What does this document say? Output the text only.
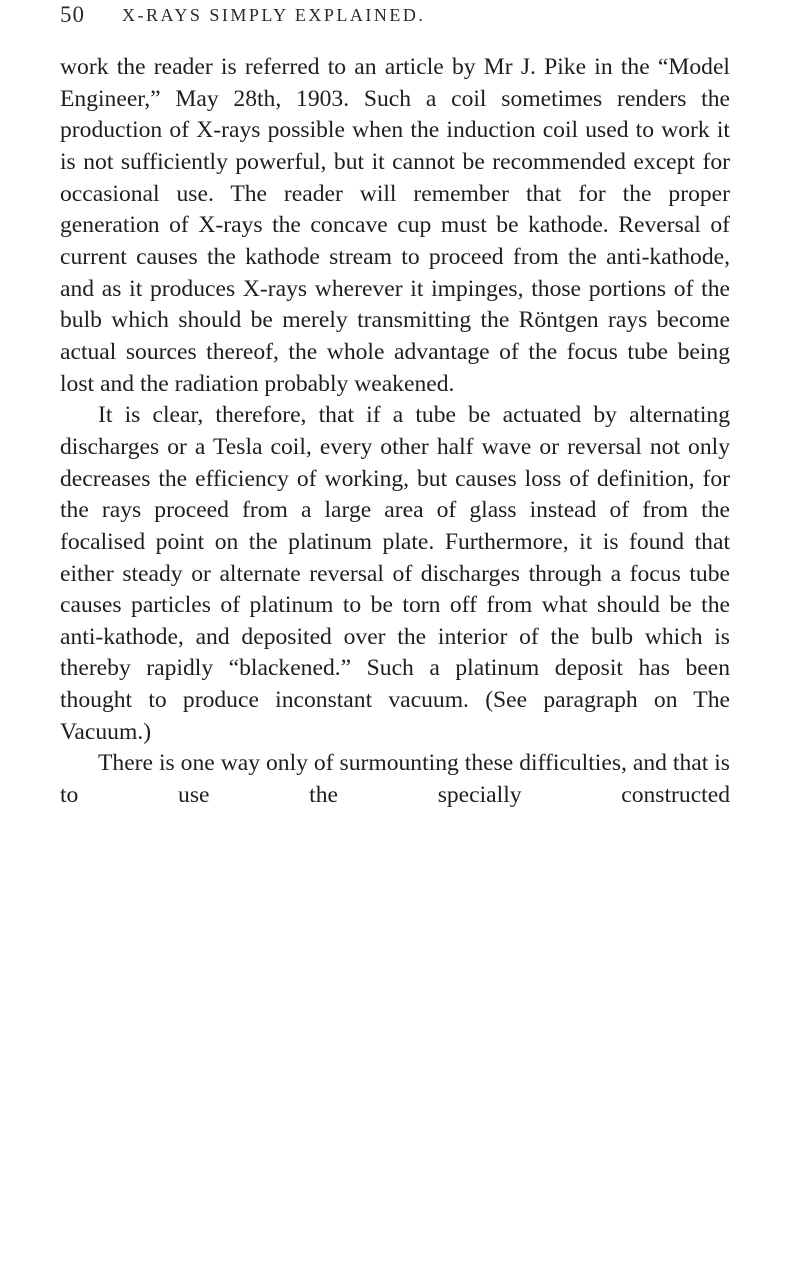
50 X-RAYS SIMPLY EXPLAINED.

work the reader is referred to an article by Mr J. Pike in the “Model Engineer,” May 28th, 1903. Such a coil sometimes renders the production of X-rays possible when the induction coil used to work it is not sufficiently powerful, but it cannot be recommended except for occasional use. The reader will remember that for the proper generation of X-rays the concave cup must be kathode. Reversal of current causes the kathode stream to proceed from the anti-kathode, and as it produces X-rays wherever it impinges, those portions of the bulb which should be merely transmitting the Röntgen rays become actual sources thereof, the whole advantage of the focus tube being lost and the radiation probably weakened.

It is clear, therefore, that if a tube be actuated by alternating discharges or a Tesla coil, every other half wave or reversal not only decreases the efficiency of working, but causes loss of definition, for the rays proceed from a large area of glass instead of from the focalised point on the platinum plate. Furthermore, it is found that either steady or alternate reversal of discharges through a focus tube causes particles of platinum to be torn off from what should be the anti-kathode, and deposited over the interior of the bulb which is thereby rapidly “blackened.” Such a platinum deposit has been thought to produce inconstant vacuum. (See paragraph on The Vacuum.)

There is one way only of surmounting these difficulties, and that is to use the specially constructed
